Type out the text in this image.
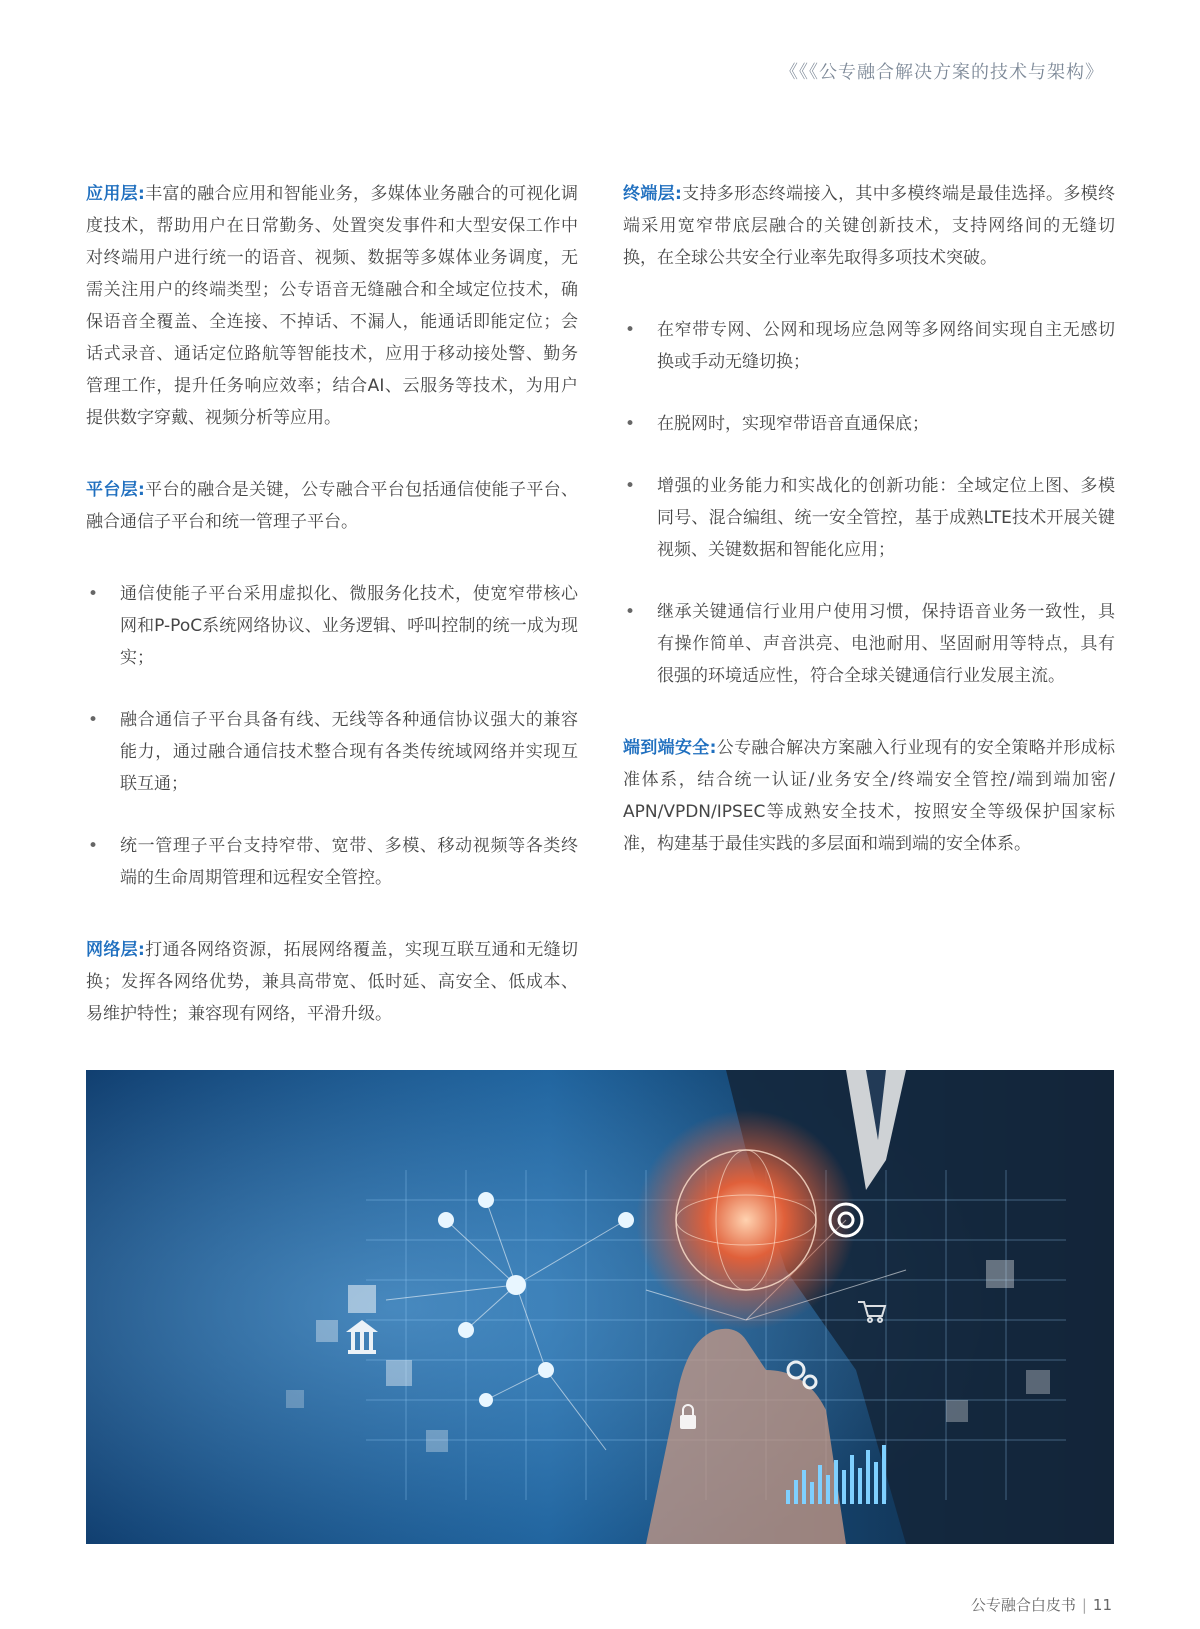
《《《公专融合解决方案的技术与架构》

应用层:丰富的融合应用和智能业务，多媒体业务融合的可视化调度技术，帮助用户在日常勤务、处置突发事件和大型安保工作中对终端用户进行统一的语音、视频、数据等多媒体业务调度，无需关注用户的终端类型；公专语音无缝融合和全域定位技术，确保语音全覆盖、全连接、不掉话、不漏人，能通话即能定位；会话式录音、通话定位路航等智能技术，应用于移动接处警、勤务管理工作，提升任务响应效率；结合AI、云服务等技术，为用户提供数字穿戴、视频分析等应用。

平台层:平台的融合是关键，公专融合平台包括通信使能子平台、融合通信子平台和统一管理子平台。

• 通信使能子平台采用虚拟化、微服务化技术，使宽窄带核心网和P-PoC系统网络协议、业务逻辑、呼叫控制的统一成为现实；
• 融合通信子平台具备有线、无线等各种通信协议强大的兼容能力，通过融合通信技术整合现有各类传统域网络并实现互联互通；
• 统一管理子平台支持窄带、宽带、多模、移动视频等各类终端的生命周期管理和远程安全管控。

网络层:打通各网络资源，拓展网络覆盖，实现互联互通和无缝切换；发挥各网络优势，兼具高带宽、低时延、高安全、低成本、易维护特性；兼容现有网络，平滑升级。

终端层:支持多形态终端接入，其中多模终端是最佳选择。多模终端采用宽窄带底层融合的关键创新技术，支持网络间的无缝切换，在全球公共安全行业率先取得多项技术突破。

• 在窄带专网、公网和现场应急网等多网络间实现自主无感切换或手动无缝切换；
• 在脱网时，实现窄带语音直通保底；
• 增强的业务能力和实战化的创新功能：全域定位上图、多模同号、混合编组、统一安全管控，基于成熟LTE技术开展关键视频、关键数据和智能化应用；
• 继承关键通信行业用户使用习惯，保持语音业务一致性，具有操作简单、声音洪亮、电池耐用、坚固耐用等特点，具有很强的环境适应性，符合全球关键通信行业发展主流。

端到端安全:公专融合解决方案融入行业现有的安全策略并形成标准体系，结合统一认证/业务安全/终端安全管控/端到端加密/ APN/VPDN/IPSEC等成熟安全技术，按照安全等级保护国家标准，构建基于最佳实践的多层面和端到端的安全体系。

公专融合白皮书 | 11
